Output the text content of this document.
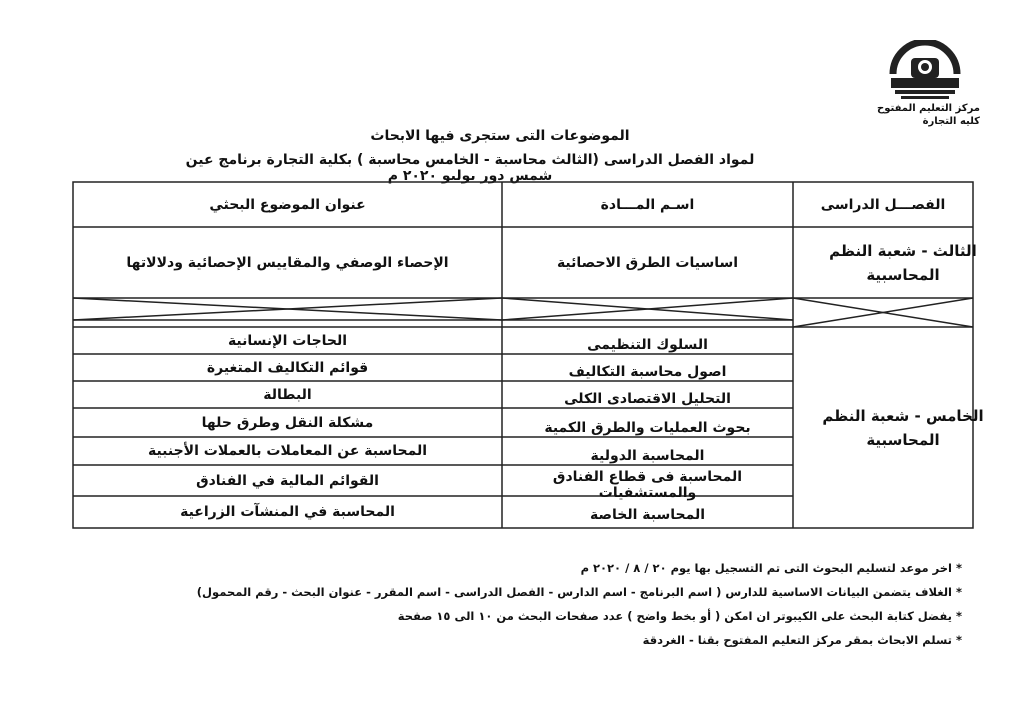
مركز التعليم المفتوح
كليه التجارة
الموضوعات التى ستجرى فيها الابحاث
لمواد الفصل الدراسى (الثالث محاسبة - الخامس محاسبة ) بكلية التجارة برنامج عين شمس دور يوليو ٢٠٢٠ م
الفصـــل الدراسى
اسـم المـــادة
عنوان الموضوع البحثي
الثالث - شعبة النظم المحاسبية
اساسيات الطرق الاحصائية
الإحصاء الوصفي والمقاييس الإحصائية ودلالاتها
الخامس - شعبة النظم المحاسبية
السلوك التنظيمى
الحاجات الإنسانية
اصول محاسبة التكاليف
قوائم التكاليف المتغيرة
التحليل الاقتصادى الكلى
البطالة
بحوث العمليات والطرق الكمية
مشكلة النقل وطرق حلها
المحاسبة الدولية
المحاسبة عن المعاملات بالعملات الأجنبية
المحاسبة فى قطاع الفنادق والمستشفيات
القوائم المالية في الفنادق
المحاسبة الخاصة
المحاسبة في المنشآت الزراعية
* اخر موعد لتسليم البحوث التى تم التسجيل بها يوم ٢٠ / ٨ / ٢٠٢٠ م
* الغلاف يتضمن البيانات الاساسية للدارس ( اسم البرنامج - اسم الدارس - الفصل الدراسى - اسم المقرر - عنوان البحث - رقم المحمول)
* يفضل كتابة البحث على الكيبوتر ان امكن ( أو بخط واضح ) عدد صفحات البحث من ١٠ الى ١٥ صفحة
* تسلم الابحاث بمقر مركز التعليم المفتوح بقنا - الغردقة
